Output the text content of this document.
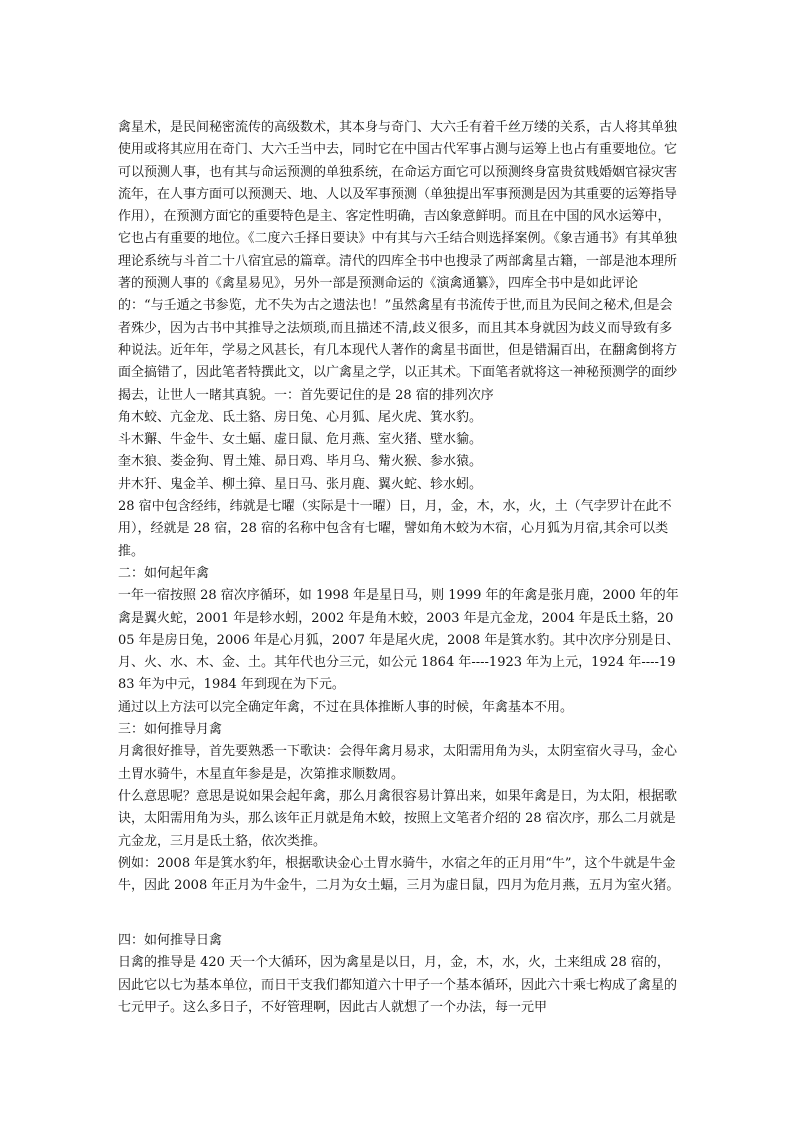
禽星术，是民间秘密流传的高级数术，其本身与奇门、大六壬有着千丝万缕的关系，古人将其单独使用或将其应用在奇门、大六壬当中去，同时它在中国古代军事占测与运筹上也占有重要地位。它可以预测人事，也有其与命运预测的单独系统，在命运方面它可以预测终身富贵贫贱婚姻官禄灾害流年，在人事方面可以预测天、地、人以及军事预测（单独提出军事预测是因为其重要的运筹指导作用），在预测方面它的重要特色是主、客定性明确，吉凶象意鲜明。而且在中国的风水运筹中，它也占有重要的地位。《二度六壬择日要诀》中有其与六壬结合则选择案例。《象吉通书》有其单独理论系统与斗首二十八宿宜忌的篇章。清代的四库全书中也搜录了两部禽星古籍，一部是池本理所著的预测人事的《禽星易见》，另外一部是预测命运的《演禽通纂》，四库全书中是如此评论的：“与壬遁之书参览，尤不失为古之遗法也！”虽然禽星有书流传于世,而且为民间之秘术,但是会者殊少，因为古书中其推导之法烦琐,而且描述不清,歧义很多，而且其本身就因为歧义而导致有多种说法。近年年，学易之风甚长，有几本现代人著作的禽星书面世，但是错漏百出，在翻禽倒将方面全搞错了，因此笔者特撰此文，以广禽星之学，以正其术。下面笔者就将这一神秘预测学的面纱揭去，让世人一睹其真貌。一：首先要记住的是 28 宿的排列次序

角木蛟、亢金龙、氐土貉、房日兔、心月狐、尾火虎、箕水豹。

斗木獬、牛金牛、女土蝠、虚日鼠、危月燕、室火猪、壁水貐。

奎木狼、娄金狗、胃土雉、昴日鸡、毕月乌、觜火猴、参水猿。

井木犴、鬼金羊、柳土獐、星日马、张月鹿、翼火蛇、轸水蚓。

28 宿中包含经纬，纬就是七曜（实际是十一曜）日，月，金，木，水，火，土（气孛罗计在此不用），经就是 28 宿，28 宿的名称中包含有七曜，譬如角木蛟为木宿，心月狐为月宿,其余可以类推。

二：如何起年禽

一年一宿按照 28 宿次序循环，如 1998 年是星日马，则 1999 年的年禽是张月鹿，2000 年的年禽是翼火蛇，2001 年是轸水蚓，2002 年是角木蛟，2003 年是亢金龙，2004 年是氐土貉，2005 年是房日兔，2006 年是心月狐，2007 年是尾火虎，2008 年是箕水豹。其中次序分别是日、月、火、水、木、金、土。其年代也分三元，如公元 1864 年----1923 年为上元，1924 年----1983 年为中元，1984 年到现在为下元。

通过以上方法可以完全确定年禽，不过在具体推断人事的时候，年禽基本不用。

三：如何推导月禽

月禽很好推导，首先要熟悉一下歌诀：会得年禽月易求，太阳需用角为头，太阴室宿火寻马，金心土胃水骑牛，木星直年参是是，次第推求顺数周。

什么意思呢？意思是说如果会起年禽，那么月禽很容易计算出来，如果年禽是日，为太阳，根据歌诀，太阳需用角为头，那么该年正月就是角木蛟，按照上文笔者介绍的 28 宿次序，那么二月就是亢金龙，三月是氐土貉，依次类推。

例如：2008 年是箕水豹年，根据歌诀金心土胃水骑牛，水宿之年的正月用“牛”，这个牛就是牛金牛，因此 2008 年正月为牛金牛，二月为女土蝠，三月为虚日鼠，四月为危月燕，五月为室火猪。

四：如何推导日禽

日禽的推导是 420 天一个大循环，因为禽星是以日，月，金，木，水，火，土来组成 28 宿的，因此它以七为基本单位，而日干支我们都知道六十甲子一个基本循环，因此六十乘七构成了禽星的七元甲子。这么多日子，不好管理啊，因此古人就想了一个办法，每一元甲
